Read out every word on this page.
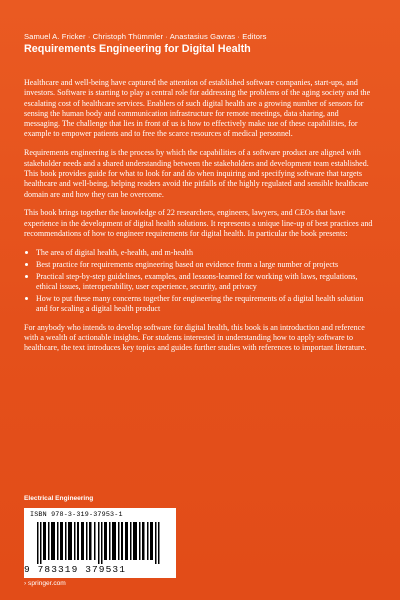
Samuel A. Fricker · Christoph Thümmler · Anastasius Gavras · Editors
Requirements Engineering for Digital Health

Healthcare and well-being have captured the attention of established software companies, start-ups, and investors. Software is starting to play a central role for addressing the problems of the aging society and the escalating cost of healthcare services. Enablers of such digital health are a growing number of sensors for sensing the human body and communication infrastructure for remote meetings, data sharing, and messaging. The challenge that lies in front of us is how to effectively make use of these capabilities, for example to empower patients and to free the scarce resources of medical personnel.

Requirements engineering is the process by which the capabilities of a software product are aligned with stakeholder needs and a shared understanding between the stakeholders and development team established. This book provides guide for what to look for and do when inquiring and specifying software that targets healthcare and well-being, helping readers avoid the pitfalls of the highly regulated and sensible healthcare domain are and how they can be overcome.

This book brings together the knowledge of 22 researchers, engineers, lawyers, and CEOs that have experience in the development of digital health solutions. It represents a unique line-up of best practices and recommendations of how to engineer requirements for digital health. In particular the book presents:

The area of digital health, e-health, and m-health
Best practice for requirements engineering based on evidence from a large number of projects
Practical step-by-step guidelines, examples, and lessons-learned for working with laws, regulations, ethical issues, interoperability, user experience, security, and privacy
How to put these many concerns together for engineering the requirements of a digital health solution and for scaling a digital health product

For anybody who intends to develop software for digital health, this book is an introduction and reference with a wealth of actionable insights. For students interested in understanding how to apply software to healthcare, the text introduces key topics and guides further studies with references to important literature.

Electrical Engineering
ISBN 978-3-319-37953-1
9 783319 379531
› springer.com
